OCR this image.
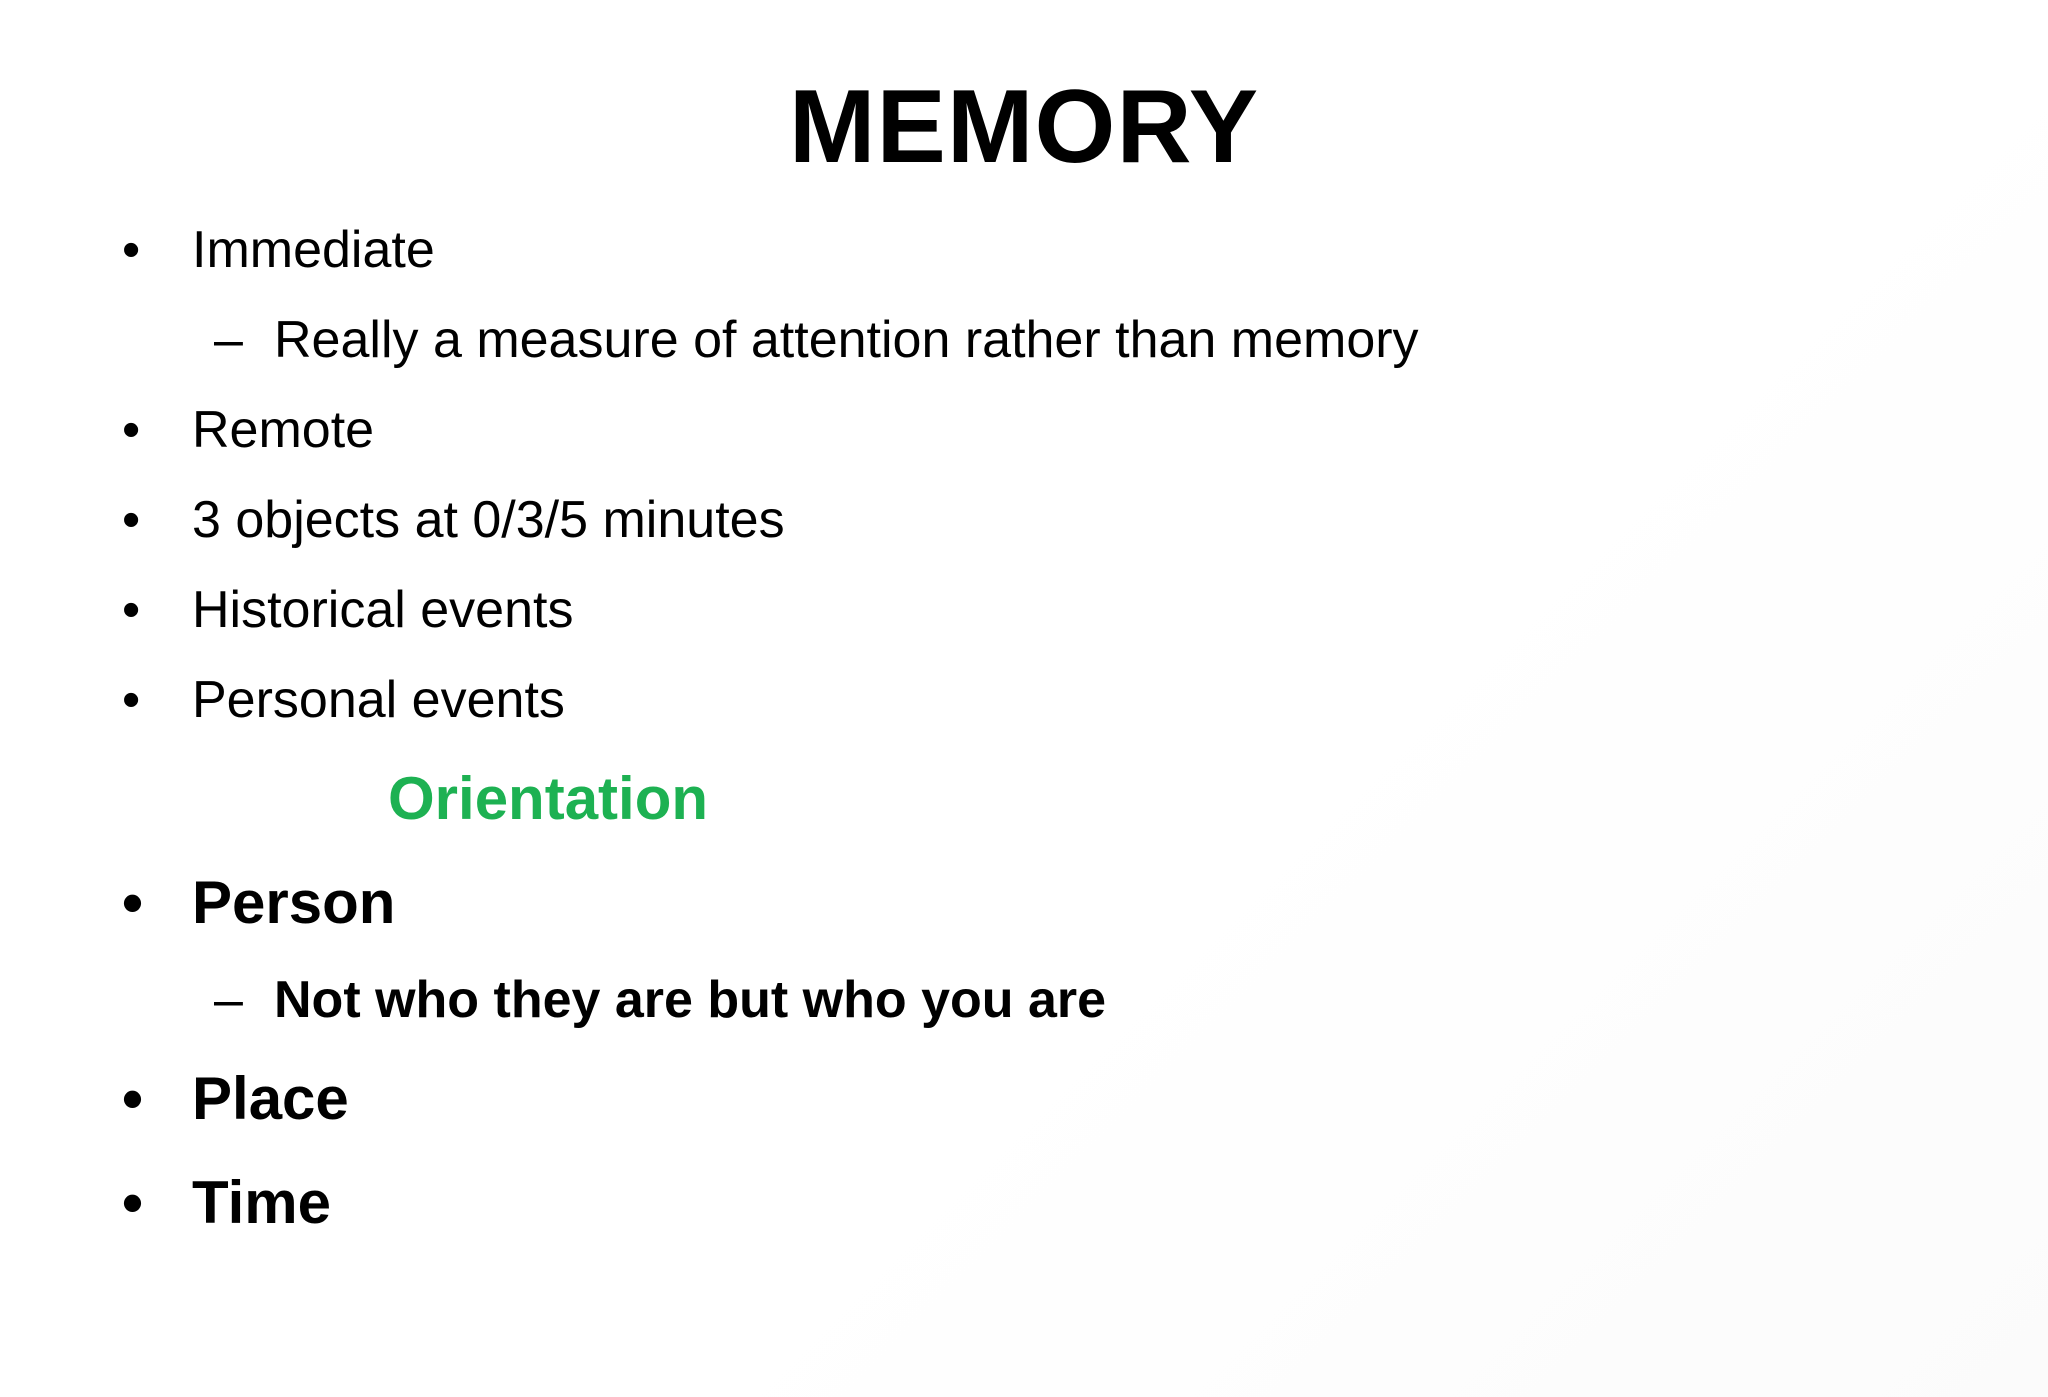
MEMORY
• Immediate
– Really a measure of attention rather than memory
• Remote
• 3 objects at 0/3/5 minutes
• Historical events
• Personal events
Orientation
• Person
– Not who they are but who you are
• Place
• Time
